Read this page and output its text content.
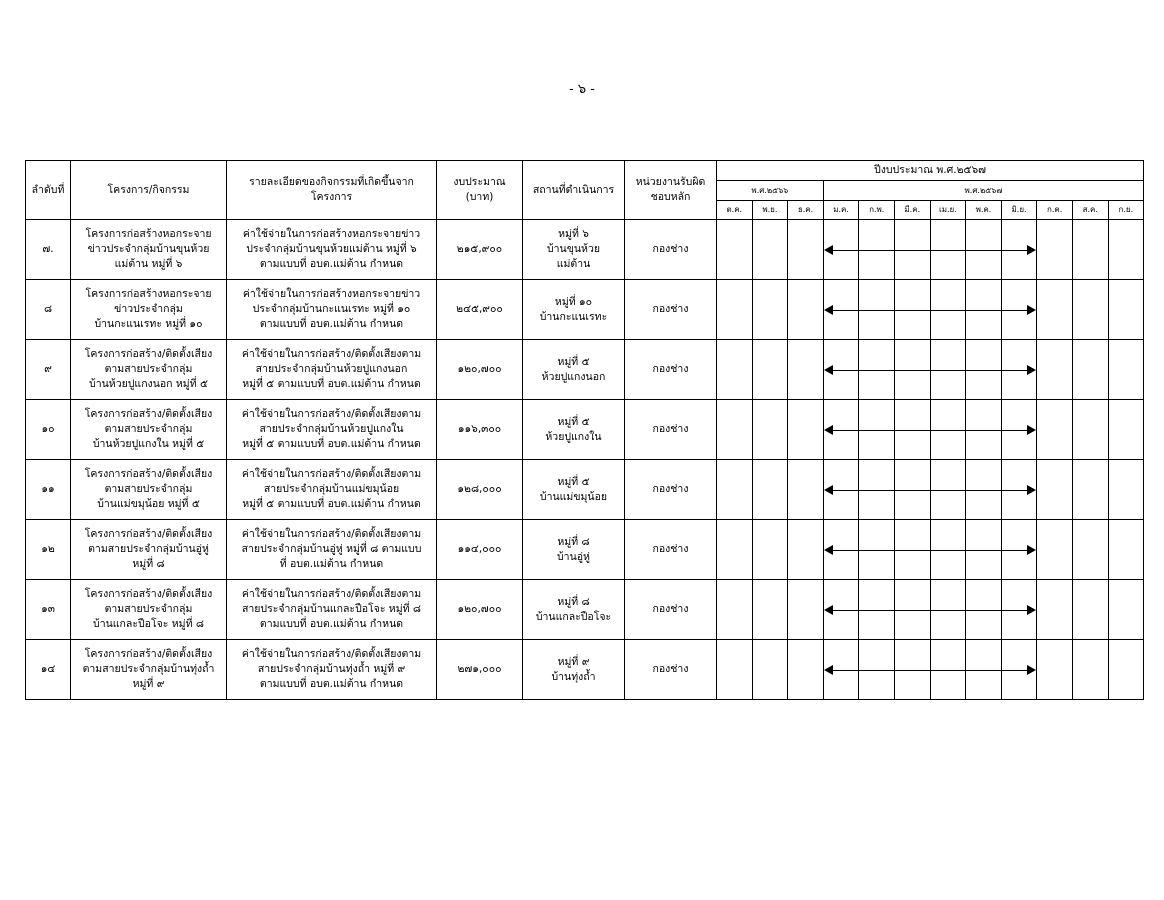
- ๖ -
ลำดับที่	โครงการ/กิจกรรม	รายละเอียดของกิจกรรมที่เกิดขึ้นจากโครงการ	งบประมาณ (บาท)	สถานที่ดำเนินการ	หน่วยงานรับผิดชอบหลัก	ปีงบประมาณ พ.ศ.๒๕๖๗											
						พ.ศ.๒๕๖๖			พ.ศ.๒๕๖๗								
						ต.ค.	พ.ย.	ธ.ค.	ม.ค.	ก.พ.	มี.ค.	เม.ย.	พ.ค.	มิ.ย.	ก.ค.	ส.ค.	ก.ย.
๗.	โครงการก่อสร้างหอกระจาย
ข่าวประจำกลุ่มบ้านขุนห้วย
แม่ต้าน หมู่ที่ ๖	ค่าใช้จ่ายในการก่อสร้างหอกระจายข่าว
ประจำกลุ่มบ้านขุนห้วยแม่ต้าน หมู่ที่ ๖
ตามแบบที่ อบต.แม่ต้าน กำหนด	๒๑๕,๙๐๐	หมู่ที่ ๖
บ้านขุนห้วย
แม่ต้าน	กองช่าง				

๘	โครงการก่อสร้างหอกระจาย
ข่าวประจำกลุ่ม
บ้านกะแนเรทะ หมู่ที่ ๑๐	ค่าใช้จ่ายในการก่อสร้างหอกระจายข่าว
ประจำกลุ่มบ้านกะแนเรทะ หมู่ที่ ๑๐
ตามแบบที่ อบต.แม่ต้าน กำหนด	๒๔๕,๙๐๐	หมู่ที่ ๑๐
บ้านกะแนเรทะ	กองช่าง				

๙	โครงการก่อสร้าง/ติดตั้งเสียง
ตามสายประจำกลุ่ม
บ้านห้วยปูแกงนอก หมู่ที่ ๕	ค่าใช้จ่ายในการก่อสร้าง/ติดตั้งเสียงตาม
สายประจำกลุ่มบ้านห้วยปูแกงนอก
หมู่ที่ ๕ ตามแบบที่ อบต.แม่ต้าน กำหนด	๑๒๐,๗๐๐	หมู่ที่ ๕
ห้วยปูแกงนอก	กองช่าง				

๑๐	โครงการก่อสร้าง/ติดตั้งเสียง
ตามสายประจำกลุ่ม
บ้านห้วยปูแกงใน หมู่ที่ ๕	ค่าใช้จ่ายในการก่อสร้าง/ติดตั้งเสียงตาม
สายประจำกลุ่มบ้านห้วยปูแกงใน
หมู่ที่ ๕ ตามแบบที่ อบต.แม่ต้าน กำหนด	๑๑๖,๓๐๐	หมู่ที่ ๕
ห้วยปูแกงใน	กองช่าง				

๑๑	โครงการก่อสร้าง/ติดตั้งเสียง
ตามสายประจำกลุ่ม
บ้านแม่ขมุน้อย หมู่ที่ ๕	ค่าใช้จ่ายในการก่อสร้าง/ติดตั้งเสียงตาม
สายประจำกลุ่มบ้านแม่ขมุน้อย
หมู่ที่ ๕ ตามแบบที่ อบต.แม่ต้าน กำหนด	๑๒๘,๐๐๐	หมู่ที่ ๕
บ้านแม่ขมุน้อย	กองช่าง				

๑๒	โครงการก่อสร้าง/ติดตั้งเสียง
ตามสายประจำกลุ่มบ้านอู่หู่
หมู่ที่ ๘	ค่าใช้จ่ายในการก่อสร้าง/ติดตั้งเสียงตาม
สายประจำกลุ่มบ้านอู่หู่ หมู่ที่ ๘ ตามแบบ
ที่ อบต.แม่ต้าน กำหนด	๑๑๔,๐๐๐	หมู่ที่ ๘
บ้านอู่หู่	กองช่าง				

๑๓	โครงการก่อสร้าง/ติดตั้งเสียง
ตามสายประจำกลุ่ม
บ้านแกละปือโจะ หมู่ที่ ๘	ค่าใช้จ่ายในการก่อสร้าง/ติดตั้งเสียงตาม
สายประจำกลุ่มบ้านแกละปือโจะ หมู่ที่ ๘
ตามแบบที่ อบต.แม่ต้าน กำหนด	๑๒๐,๗๐๐	หมู่ที่ ๘
บ้านแกละปือโจะ	กองช่าง				

๑๔	โครงการก่อสร้าง/ติดตั้งเสียง
ตามสายประจำกลุ่มบ้านทุ่งถ้ำ
หมู่ที่ ๙	ค่าใช้จ่ายในการก่อสร้าง/ติดตั้งเสียงตาม
สายประจำกลุ่มบ้านทุ่งถ้ำ หมู่ที่ ๙
ตามแบบที่ อบต.แม่ต้าน กำหนด	๒๗๑,๐๐๐	หมู่ที่ ๙
บ้านทุ่งถ้ำ	กองช่าง				
